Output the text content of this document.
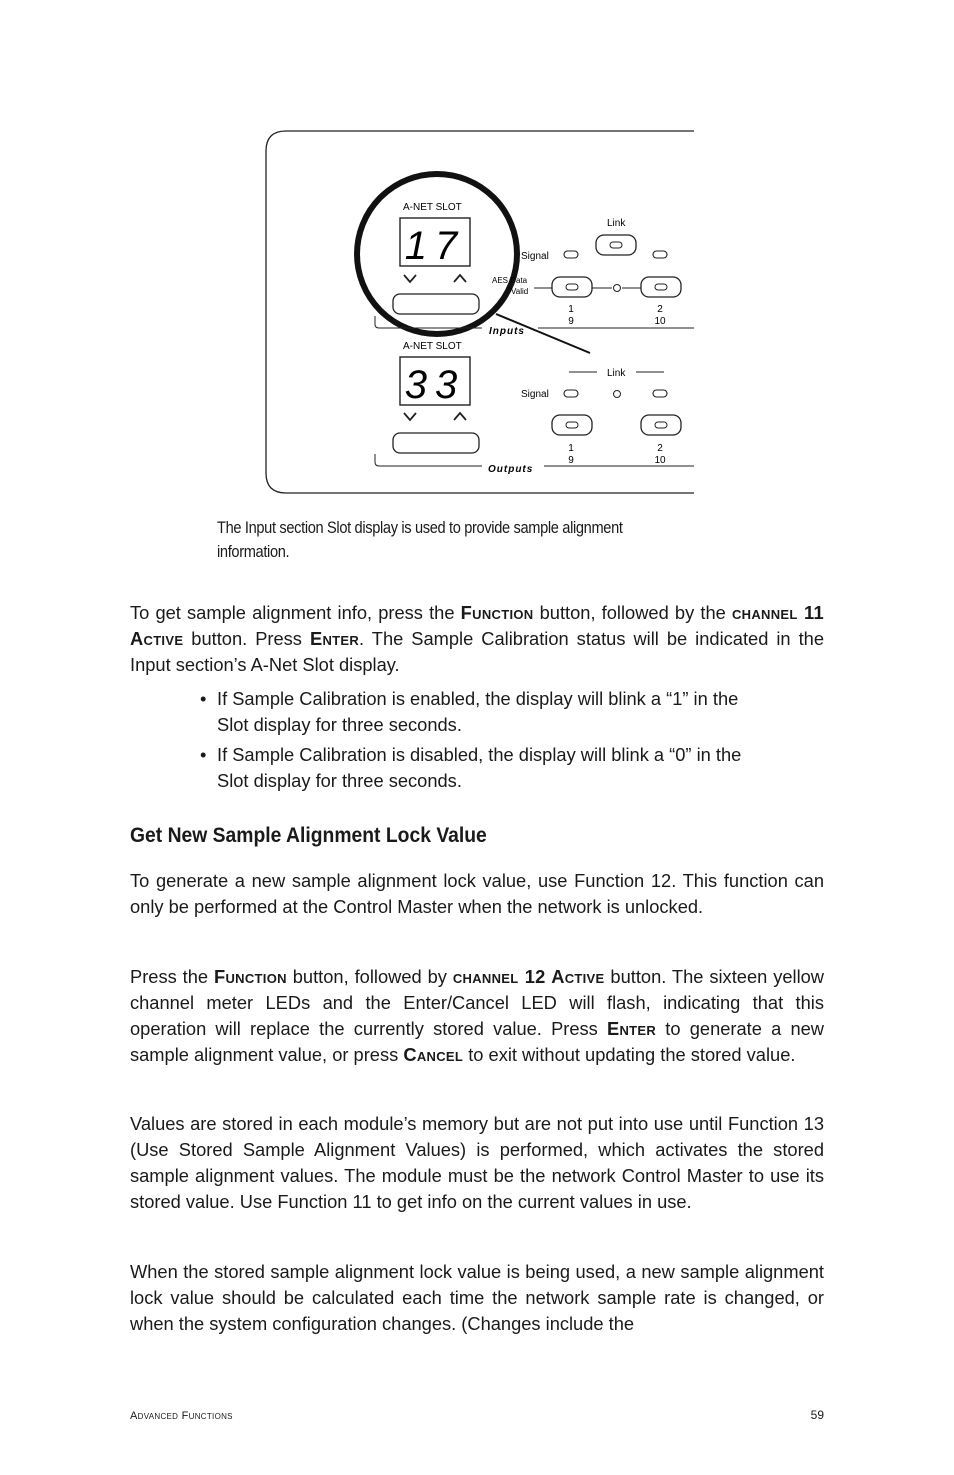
A-NET SLOT
17
Link
Signal
AES Data
Valid
1
9
2
10
Inputs
A-NET SLOT
33	Link
Signal
1
9
2
10
Outputs
The Input section Slot display is used to provide sample alignment information.

To get sample alignment info, press the Function button, followed by the channel 11 Active button. Press Enter. The Sample Calibration status will be indicated in the Input section’s A-Net Slot display.

• If Sample Calibration is enabled, the display will blink a “1” in the Slot display for three seconds.
• If Sample Calibration is disabled, the display will blink a “0” in the Slot display for three seconds.
Get New Sample Alignment Lock Value

To generate a new sample alignment lock value, use Function 12. This function can only be performed at the Control Master when the network is unlocked.

Press the Function button, followed by channel 12 Active button. The sixteen yellow channel meter LEDs and the Enter/Cancel LED will flash, indicating that this operation will replace the currently stored value. Press Enter to generate a new sample alignment value, or press Cancel to exit without updating the stored value.

Values are stored in each module’s memory but are not put into use until Function 13 (Use Stored Sample Alignment Values) is performed, which activates the stored sample alignment values. The module must be the network Control Master to use its stored value. Use Function 11 to get info on the current values in use.

When the stored sample alignment lock value is being used, a new sample alignment lock value should be calculated each time the network sample rate is changed, or when the system configuration changes. (Changes include the

Advanced Functions	59
